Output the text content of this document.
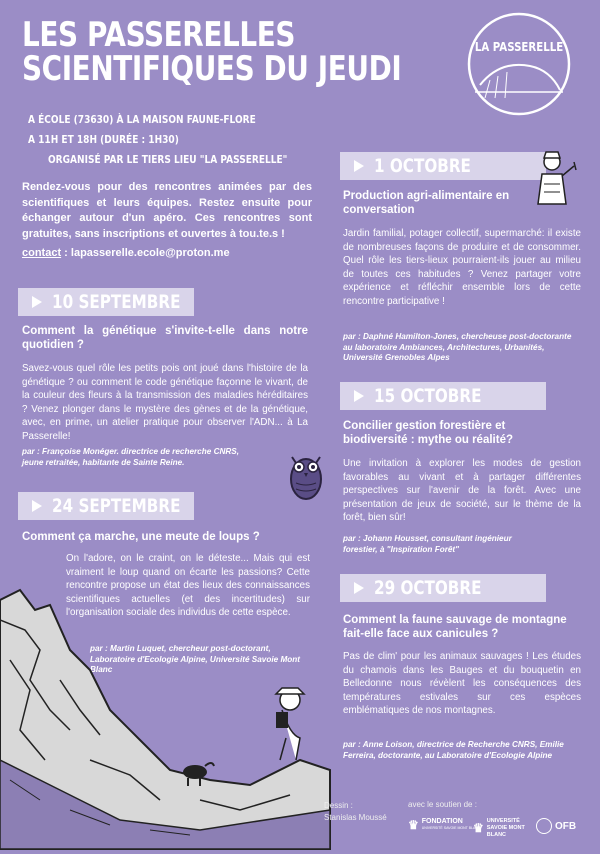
LES PASSERELLES
SCIENTIFIQUES DU JEUDI
LA PASSERELLE
A ÉCOLE (73630) À LA MAISON FAUNE-FLORE
A 11H ET 18H (DURÉE : 1H30)
ORGANISÉ PAR LE TIERS LIEU "LA PASSERELLE"
Rendez-vous pour des rencontres animées par des scientifiques et leurs équipes. Restez ensuite pour échanger autour d'un apéro. Ces rencontres sont gratuites, sans inscriptions et ouvertes à tou.te.s !
contact : lapasserelle.ecole@proton.me
10 SEPTEMBRE
Comment la génétique s'invite-t-elle dans notre quotidien ?
Savez-vous quel rôle les petits pois ont joué dans l'histoire de la génétique ? ou comment le code génétique façonne le vivant, de la couleur des fleurs à la transmission des maladies héréditaires ? Venez plonger dans le mystère des gènes et de la génétique, avec, en prime, un atelier pratique pour observer l'ADN... à La Passerelle!
par : Françoise Monéger. directrice de recherche CNRS, jeune retraitée, habitante de Sainte Reine.
24 SEPTEMBRE
Comment ça marche, une meute de loups ?
On l'adore, on le craint, on le déteste... Mais qui est vraiment le loup quand on écarte les passions? Cette rencontre propose un état des lieux des connaissances scientifiques actuelles (et des incertitudes) sur l'organisation sociale des individus de cette espèce.
par : Martin Luquet, chercheur post-doctorant, Laboratoire d'Ecologie Alpine, Université Savoie Mont Blanc
1 OCTOBRE
Production agri-alimentaire en conversation
Jardin familial, potager collectif, supermarché: il existe de nombreuses façons de produire et de consommer. Quel rôle les tiers-lieux pourraient-ils jouer au milieu de toutes ces habitudes ? Venez partager votre expérience et réfléchir ensemble lors de cette rencontre participative !
par : Daphné Hamilton-Jones, chercheuse post-doctorante au laboratoire Ambiances, Architectures, Urbanités, Université Grenobles Alpes
15 OCTOBRE
Concilier gestion forestière et biodiversité : mythe ou réalité?
Une invitation à explorer les modes de gestion favorables au vivant et à partager différentes perspectives sur l'avenir de la forêt. Avec une présentation de jeux de société, sur le thème de la forêt, bien sûr!
par : Johann Housset, consultant ingénieur forestier, à "Inspiration Forêt"
29 OCTOBRE
Comment la faune sauvage de montagne fait-elle face aux canicules ?
Pas de clim' pour les animaux sauvages ! Les études du chamois dans les Bauges et du bouquetin en Belledonne nous révèlent les conséquences des températures estivales sur ces espèces emblématiques de nos montagnes.
par : Anne Loison, directrice de Recherche CNRS, Emilie Ferreira, doctorante, au Laboratoire d'Ecologie Alpine
Dessin :
Stanislas Moussé
avec le soutien de :
♛ FONDATION
UNIVERSITÉ SAVOIE MONT BLANC
♛ UNIVERSITÉ SAVOIE MONT BLANC
OFB
